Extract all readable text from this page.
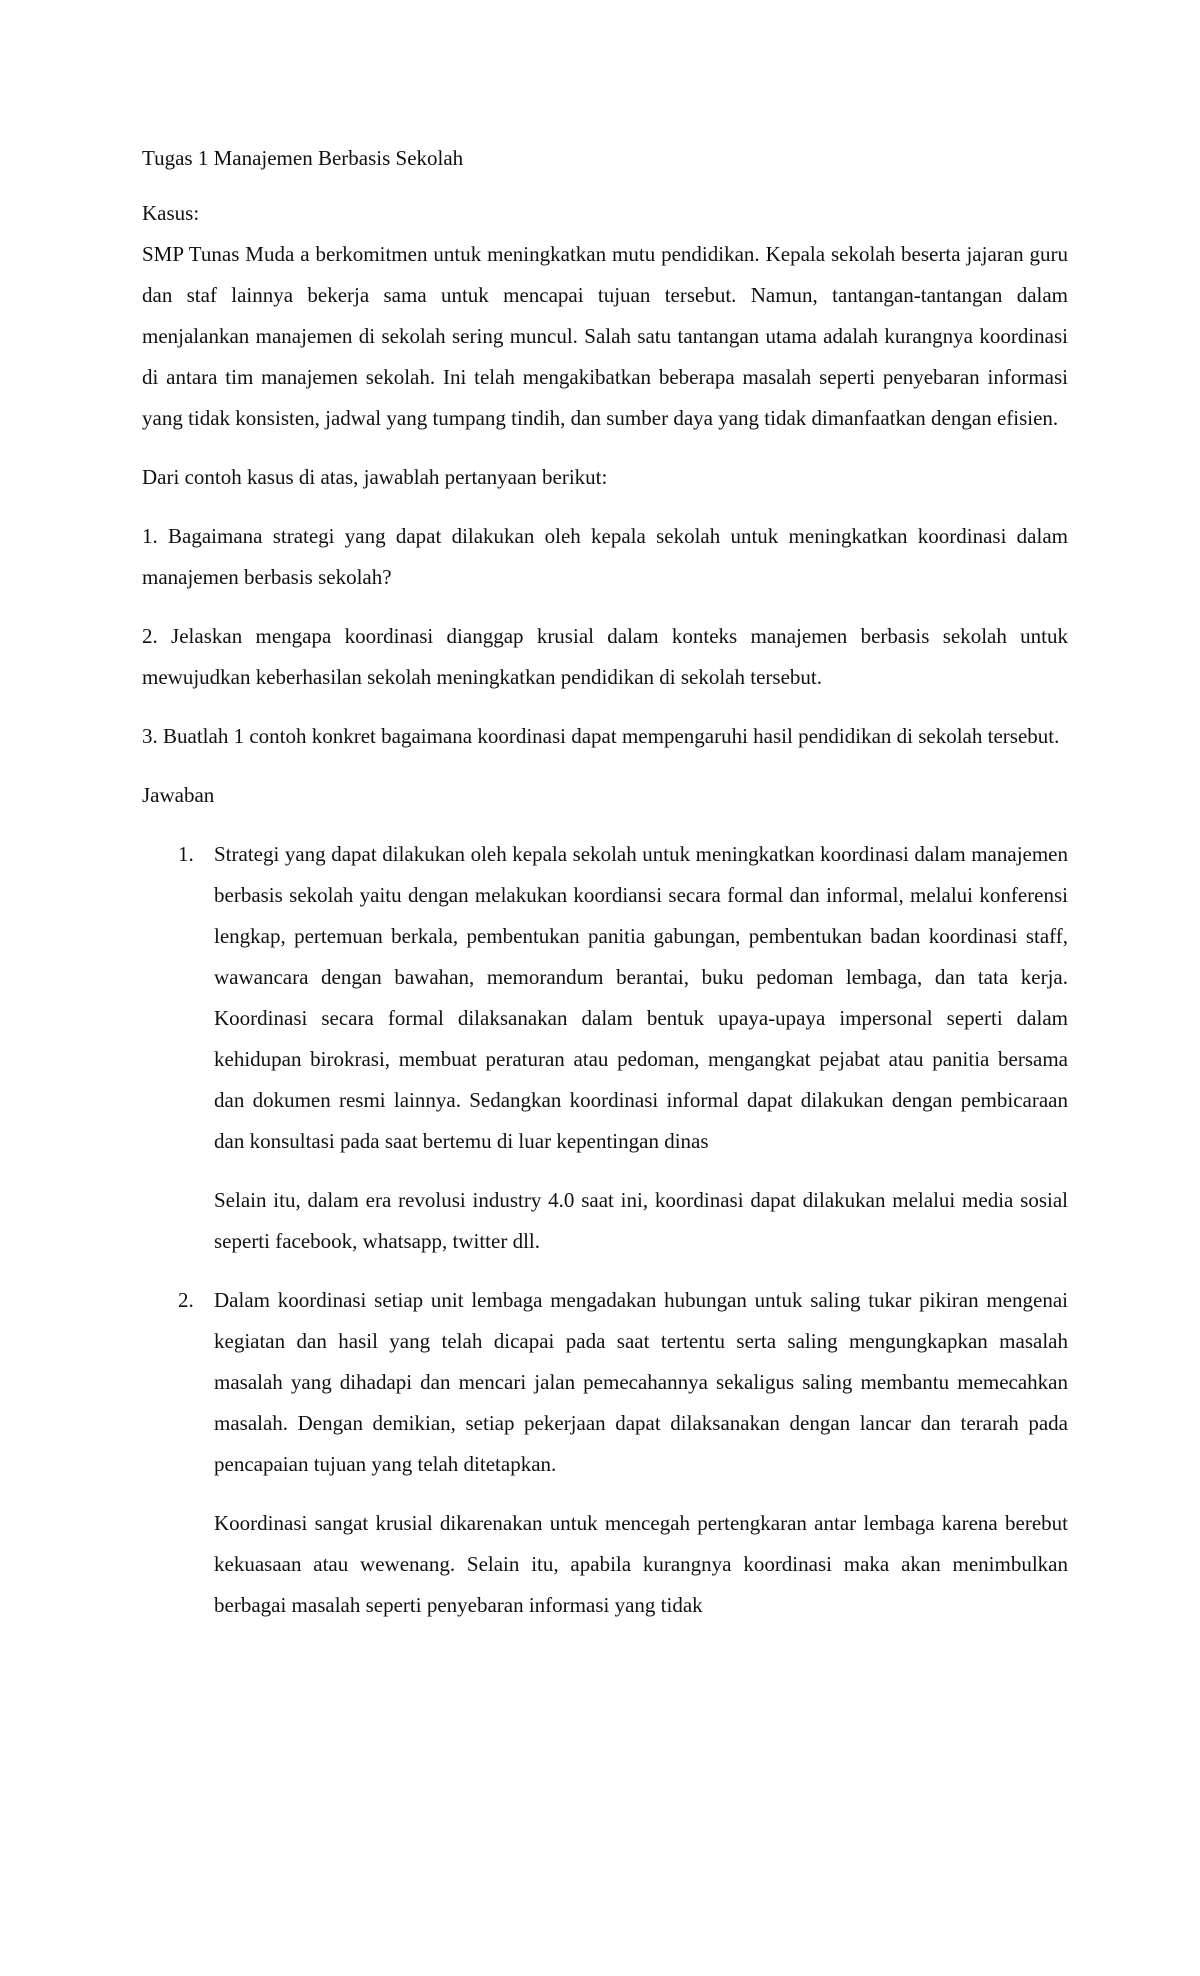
Tugas 1 Manajemen Berbasis Sekolah

Kasus:

SMP Tunas Muda a berkomitmen untuk meningkatkan mutu pendidikan. Kepala sekolah beserta jajaran guru dan staf lainnya bekerja sama untuk mencapai tujuan tersebut. Namun, tantangan-tantangan dalam menjalankan manajemen di sekolah sering muncul. Salah satu tantangan utama adalah kurangnya koordinasi di antara tim manajemen sekolah. Ini telah mengakibatkan beberapa masalah seperti penyebaran informasi yang tidak konsisten, jadwal yang tumpang tindih, dan sumber daya yang tidak dimanfaatkan dengan efisien.

Dari contoh kasus di atas, jawablah pertanyaan berikut:

1. Bagaimana strategi yang dapat dilakukan oleh kepala sekolah untuk meningkatkan koordinasi dalam manajemen berbasis sekolah?

2. Jelaskan mengapa koordinasi dianggap krusial dalam konteks manajemen berbasis sekolah untuk mewujudkan keberhasilan sekolah meningkatkan pendidikan di sekolah tersebut.

3. Buatlah 1 contoh konkret bagaimana koordinasi dapat mempengaruhi hasil pendidikan di sekolah tersebut.

Jawaban

1. Strategi yang dapat dilakukan oleh kepala sekolah untuk meningkatkan koordinasi dalam manajemen berbasis sekolah yaitu dengan melakukan koordiansi secara formal dan informal, melalui konferensi lengkap, pertemuan berkala, pembentukan panitia gabungan, pembentukan badan koordinasi staff, wawancara dengan bawahan, memorandum berantai, buku pedoman lembaga, dan tata kerja. Koordinasi secara formal dilaksanakan dalam bentuk upaya-upaya impersonal seperti dalam kehidupan birokrasi, membuat peraturan atau pedoman, mengangkat pejabat atau panitia bersama dan dokumen resmi lainnya. Sedangkan koordinasi informal dapat dilakukan dengan pembicaraan dan konsultasi pada saat bertemu di luar kepentingan dinas

Selain itu, dalam era revolusi industry 4.0 saat ini, koordinasi dapat dilakukan melalui media sosial seperti facebook, whatsapp, twitter dll.

2. Dalam koordinasi setiap unit lembaga mengadakan hubungan untuk saling tukar pikiran mengenai kegiatan dan hasil yang telah dicapai pada saat tertentu serta saling mengungkapkan masalah masalah yang dihadapi dan mencari jalan pemecahannya sekaligus saling membantu memecahkan masalah. Dengan demikian, setiap pekerjaan dapat dilaksanakan dengan lancar dan terarah pada pencapaian tujuan yang telah ditetapkan.

Koordinasi sangat krusial dikarenakan untuk mencegah pertengkaran antar lembaga karena berebut kekuasaan atau wewenang. Selain itu, apabila kurangnya koordinasi maka akan menimbulkan berbagai masalah seperti penyebaran informasi yang tidak
